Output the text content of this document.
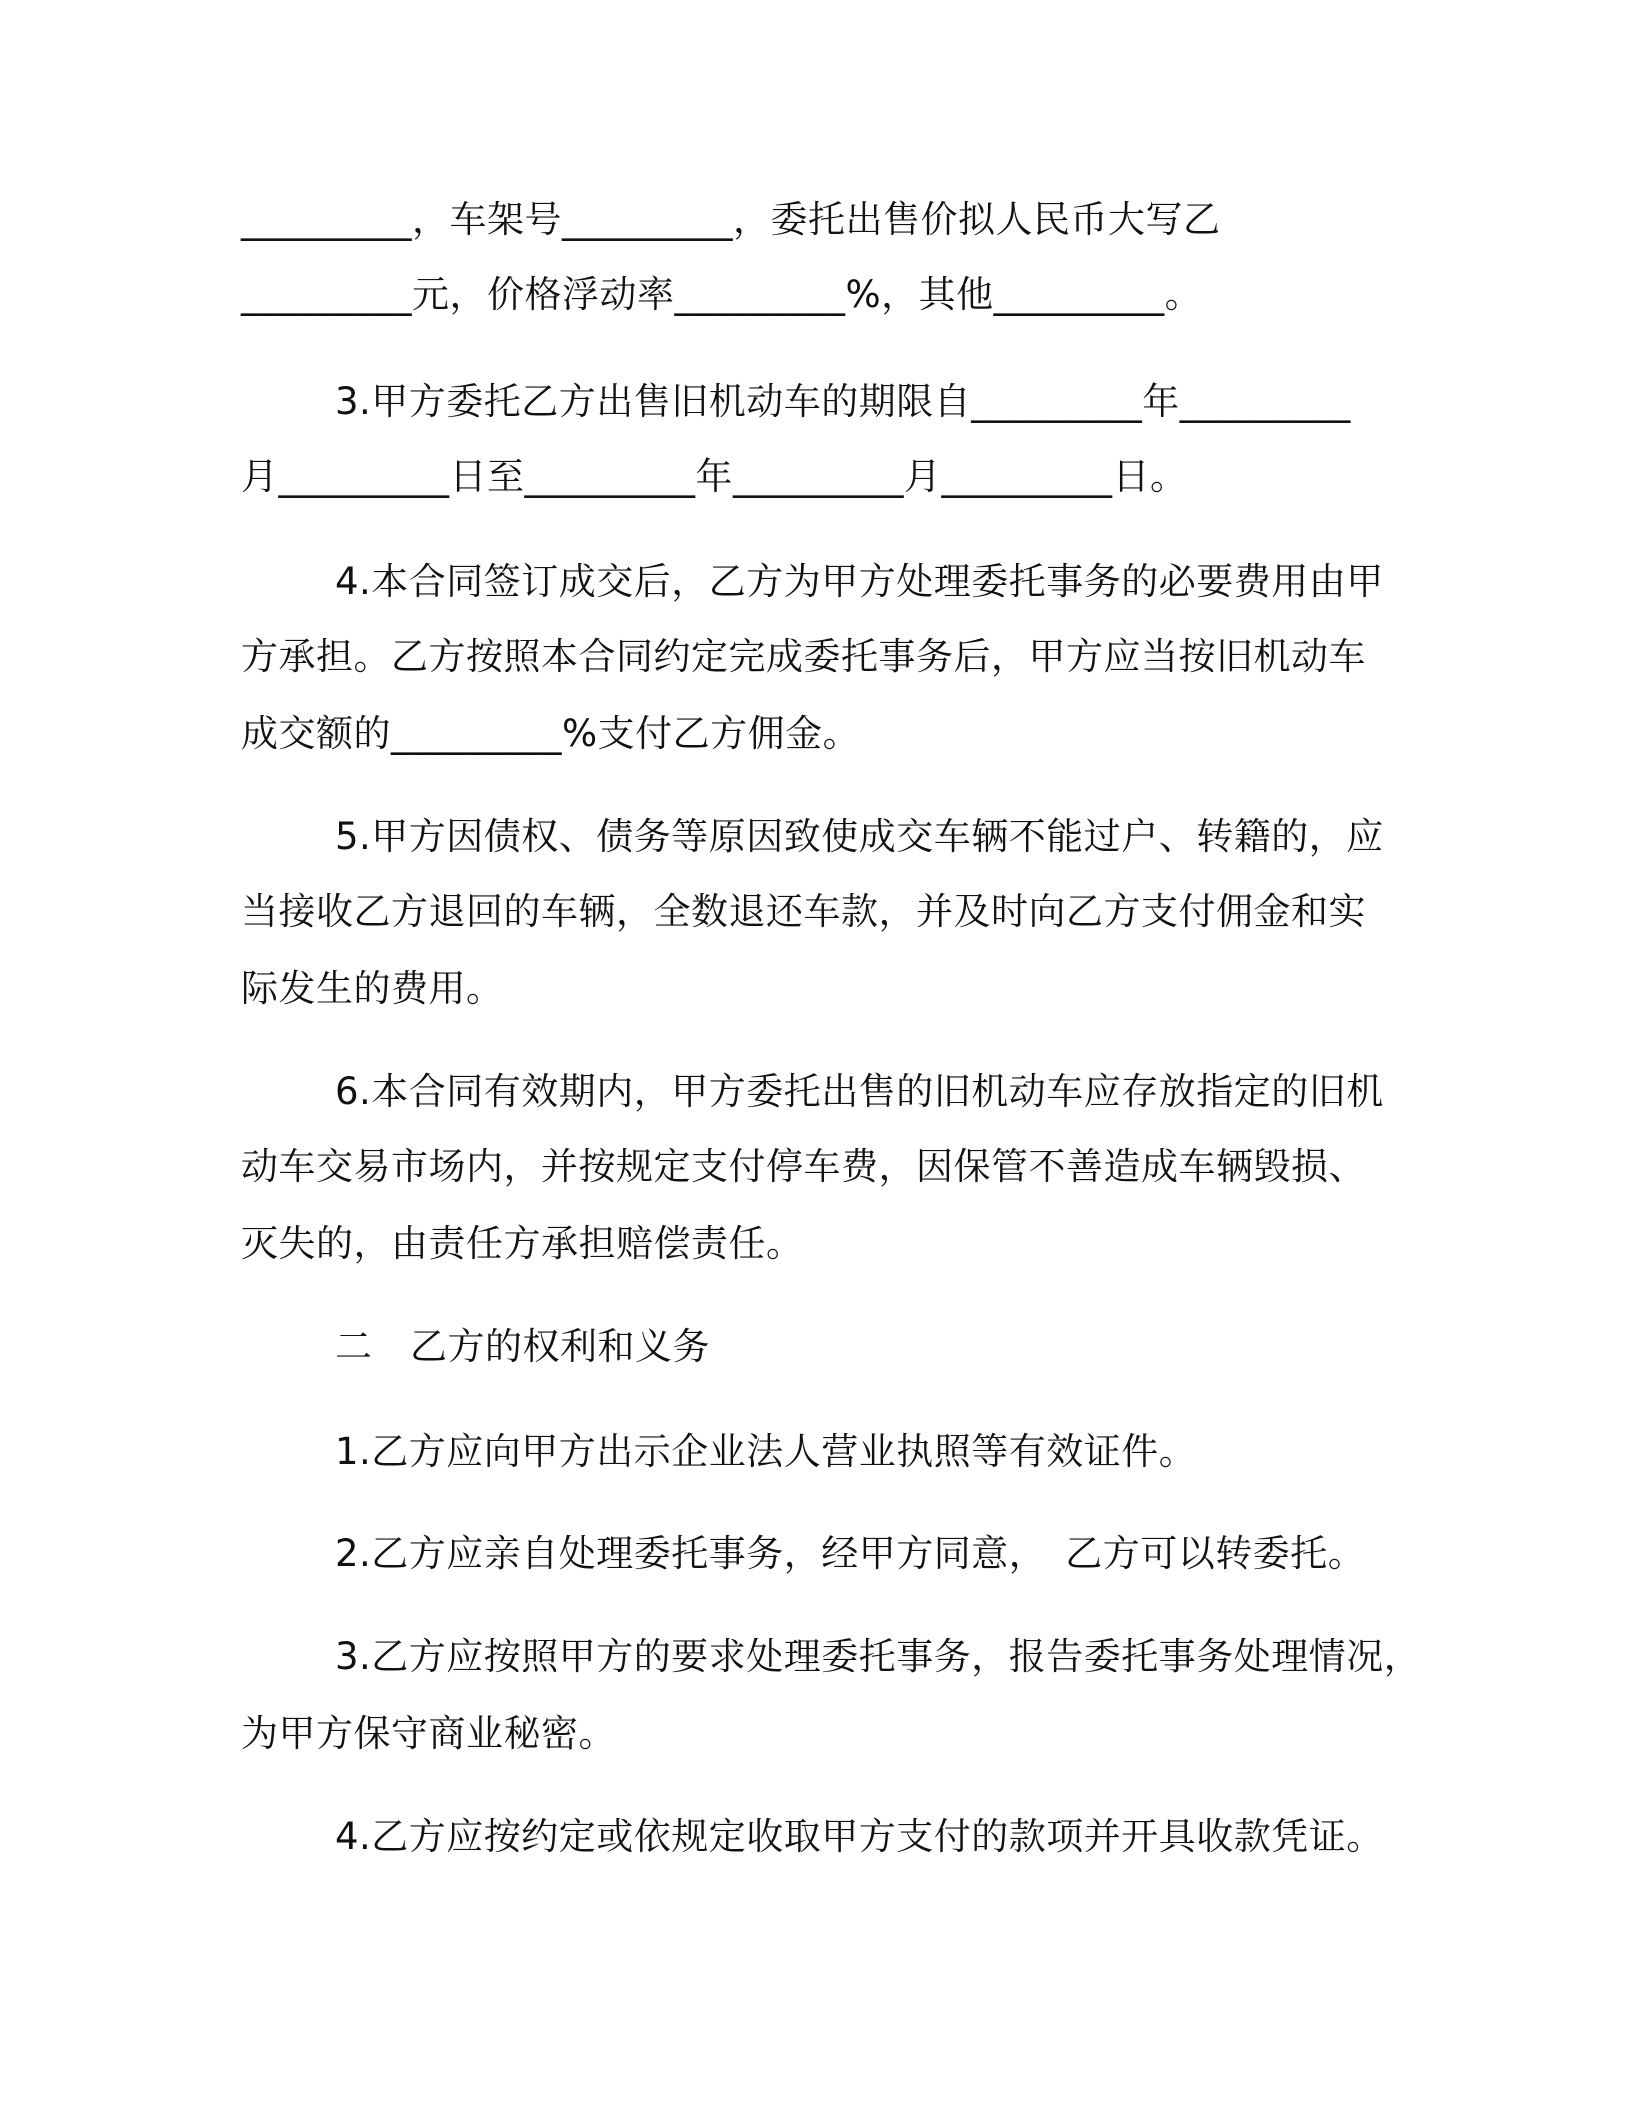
_________，车架号_________，委托出售价拟人民币大写乙
_________元，价格浮动率_________%，其他_________。
3.甲方委托乙方出售旧机动车的期限自_________年_________
月_________日至_________年_________月_________日。
4.本合同签订成交后，乙方为甲方处理委托事务的必要费用由甲
方承担。乙方按照本合同约定完成委托事务后，甲方应当按旧机动车
成交额的_________%支付乙方佣金。
5.甲方因债权、债务等原因致使成交车辆不能过户、转籍的，应
当接收乙方退回的车辆，全数退还车款，并及时向乙方支付佣金和实
际发生的费用。
6.本合同有效期内，甲方委托出售的旧机动车应存放指定的旧机
动车交易市场内，并按规定支付停车费，因保管不善造成车辆毁损、
灭失的，由责任方承担赔偿责任。
二　乙方的权利和义务
1.乙方应向甲方出示企业法人营业执照等有效证件。
2.乙方应亲自处理委托事务，经甲方同意，　乙方可以转委托。
3.乙方应按照甲方的要求处理委托事务，报告委托事务处理情况，
为甲方保守商业秘密。
4.乙方应按约定或依规定收取甲方支付的款项并开具收款凭证。
